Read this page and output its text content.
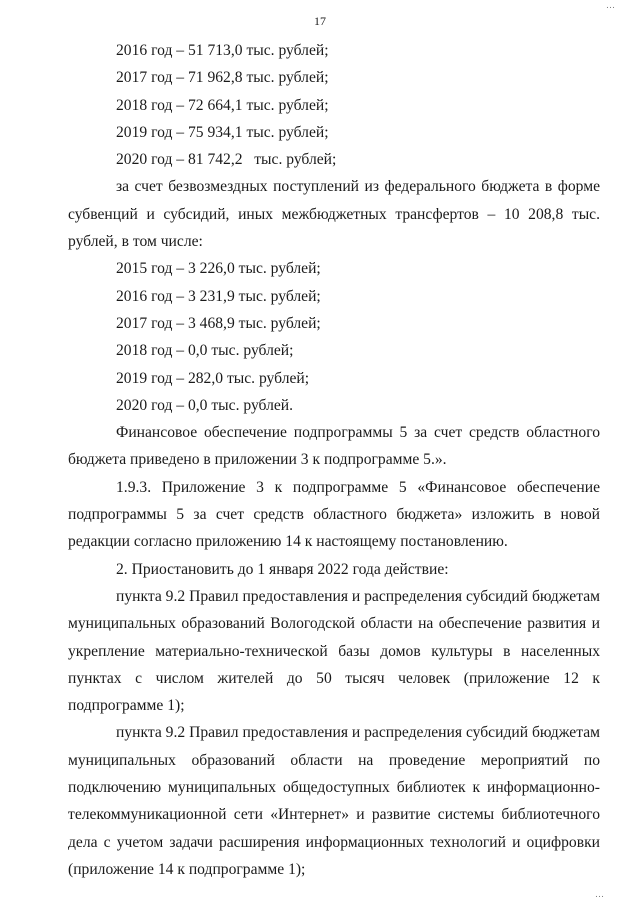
…
17
2016 год – 51 713,0 тыс. рублей;
2017 год – 71 962,8 тыс. рублей;
2018 год – 72 664,1 тыс. рублей;
2019 год – 75 934,1 тыс. рублей;
2020 год – 81 742,2   тыс. рублей;

за счет безвозмездных поступлений из федерального бюджета в форме субвенций и субсидий, иных межбюджетных трансфертов – 10 208,8 тыс. рублей, в том числе:

2015 год – 3 226,0 тыс. рублей;
2016 год – 3 231,9 тыс. рублей;
2017 год – 3 468,9 тыс. рублей;
2018 год – 0,0 тыс. рублей;
2019 год – 282,0 тыс. рублей;
2020 год – 0,0 тыс. рублей.

Финансовое обеспечение подпрограммы 5 за счет средств областного бюджета приведено в приложении 3 к подпрограмме 5.».

1.9.3. Приложение 3 к подпрограмме 5 «Финансовое обеспечение подпрограммы 5 за счет средств областного бюджета» изложить в новой редакции согласно приложению 14 к настоящему постановлению.

2. Приостановить до 1 января 2022 года действие:

пункта 9.2 Правил предоставления и распределения субсидий бюджетам муниципальных образований Вологодской области на обеспечение развития и укрепление материально-технической базы домов культуры в населенных пунктах с числом жителей до 50 тысяч человек (приложение 12 к подпрограмме 1);

пункта 9.2 Правил предоставления и распределения субсидий бюджетам муниципальных образований области на проведение мероприятий по подключению муниципальных общедоступных библиотек к информационно-телекоммуникационной сети «Интернет» и развитие системы библиотечного дела с учетом задачи расширения информационных технологий и оцифровки (приложение 14 к подпрограмме 1);

…
